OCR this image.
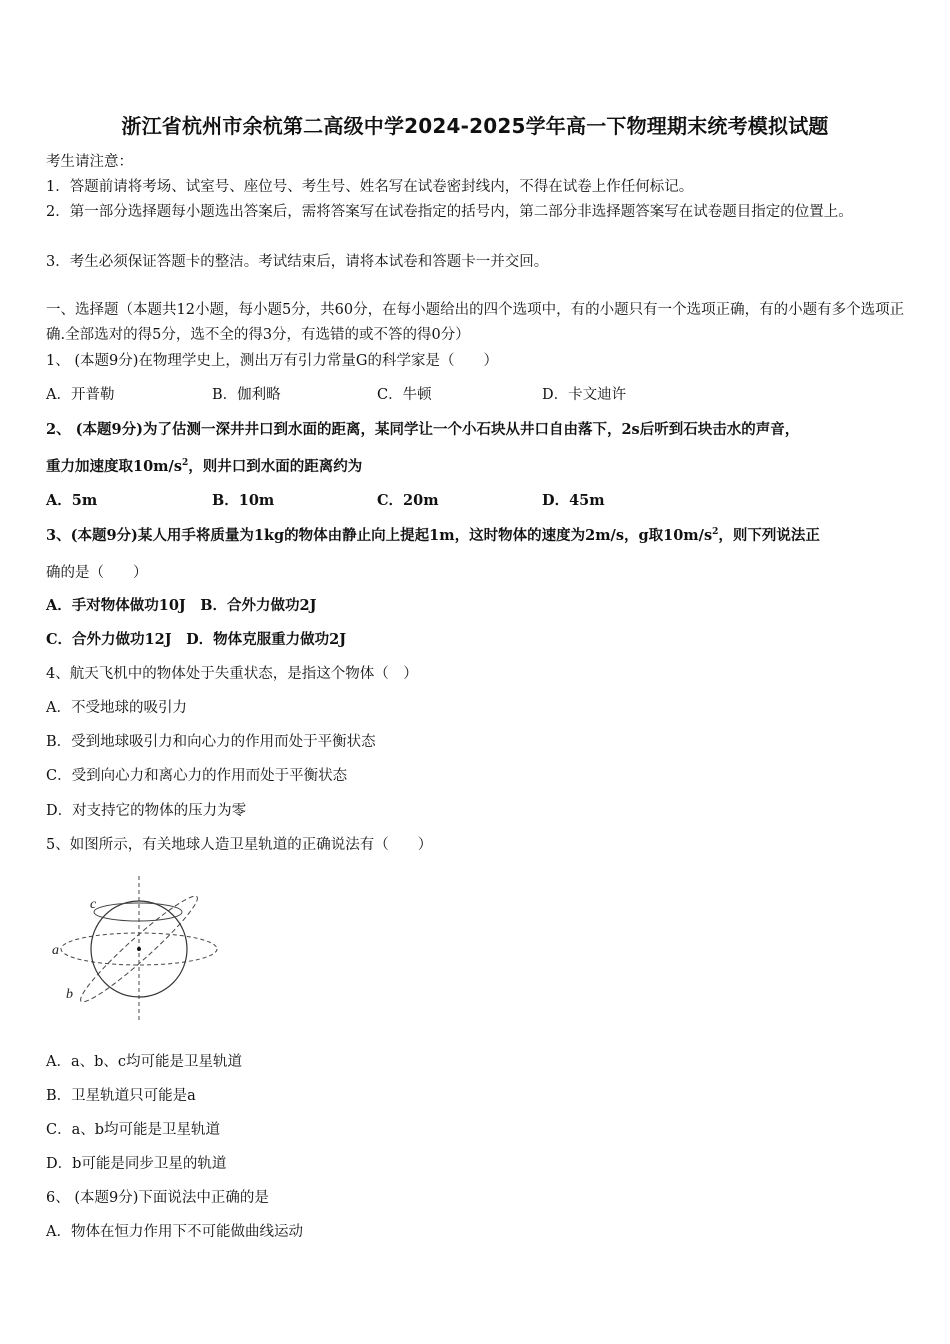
浙江省杭州市余杭第二高级中学2024-2025学年高一下物理期末统考模拟试题
考生请注意：
1．答题前请将考场、试室号、座位号、考生号、姓名写在试卷密封线内，不得在试卷上作任何标记。
2．第一部分选择题每小题选出答案后，需将答案写在试卷指定的括号内，第二部分非选择题答案写在试卷题目指定的位置上。
3．考生必须保证答题卡的整洁。考试结束后，请将本试卷和答题卡一并交回。
一、选择题（本题共12小题，每小题5分，共60分，在每小题给出的四个选项中，有的小题只有一个选项正确，有的小题有多个选项正确.全部选对的得5分，选不全的得3分，有选错的或不答的得0分）
1、 (本题9分)在物理学史上，测出万有引力常量G的科学家是（　　）
A．开普勒	B．伽利略	C．牛顿	D．卡文迪许
2、 (本题9分)为了估测一深井井口到水面的距离，某同学让一个小石块从井口自由落下，2s后听到石块击水的声音，
重力加速度取$10m/s^2$，则井口到水面的距离约为
A．5m	B．10m	C．20m	D．45m
3、(本题9分)某人用手将质量为1kg的物体由静止向上提起1m，这时物体的速度为2m/s，g取$10m/s^2$，则下列说法正
确的是（　　）
A．手对物体做功10J　B．合外力做功2J
C．合外力做功12J　D．物体克服重力做功2J
4、航天飞机中的物体处于失重状态，是指这个物体（　）
A．不受地球的吸引力
B．受到地球吸引力和向心力的作用而处于平衡状态
C．受到向心力和离心力的作用而处于平衡状态
D．对支持它的物体的压力为零
5、如图所示，有关地球人造卫星轨道的正确说法有（　　）
c
a
b
A．a、b、c均可能是卫星轨道
B．卫星轨道只可能是a
C．a、b均可能是卫星轨道
D．b可能是同步卫星的轨道
6、 (本题9分)下面说法中正确的是
A．物体在恒力作用下不可能做曲线运动
